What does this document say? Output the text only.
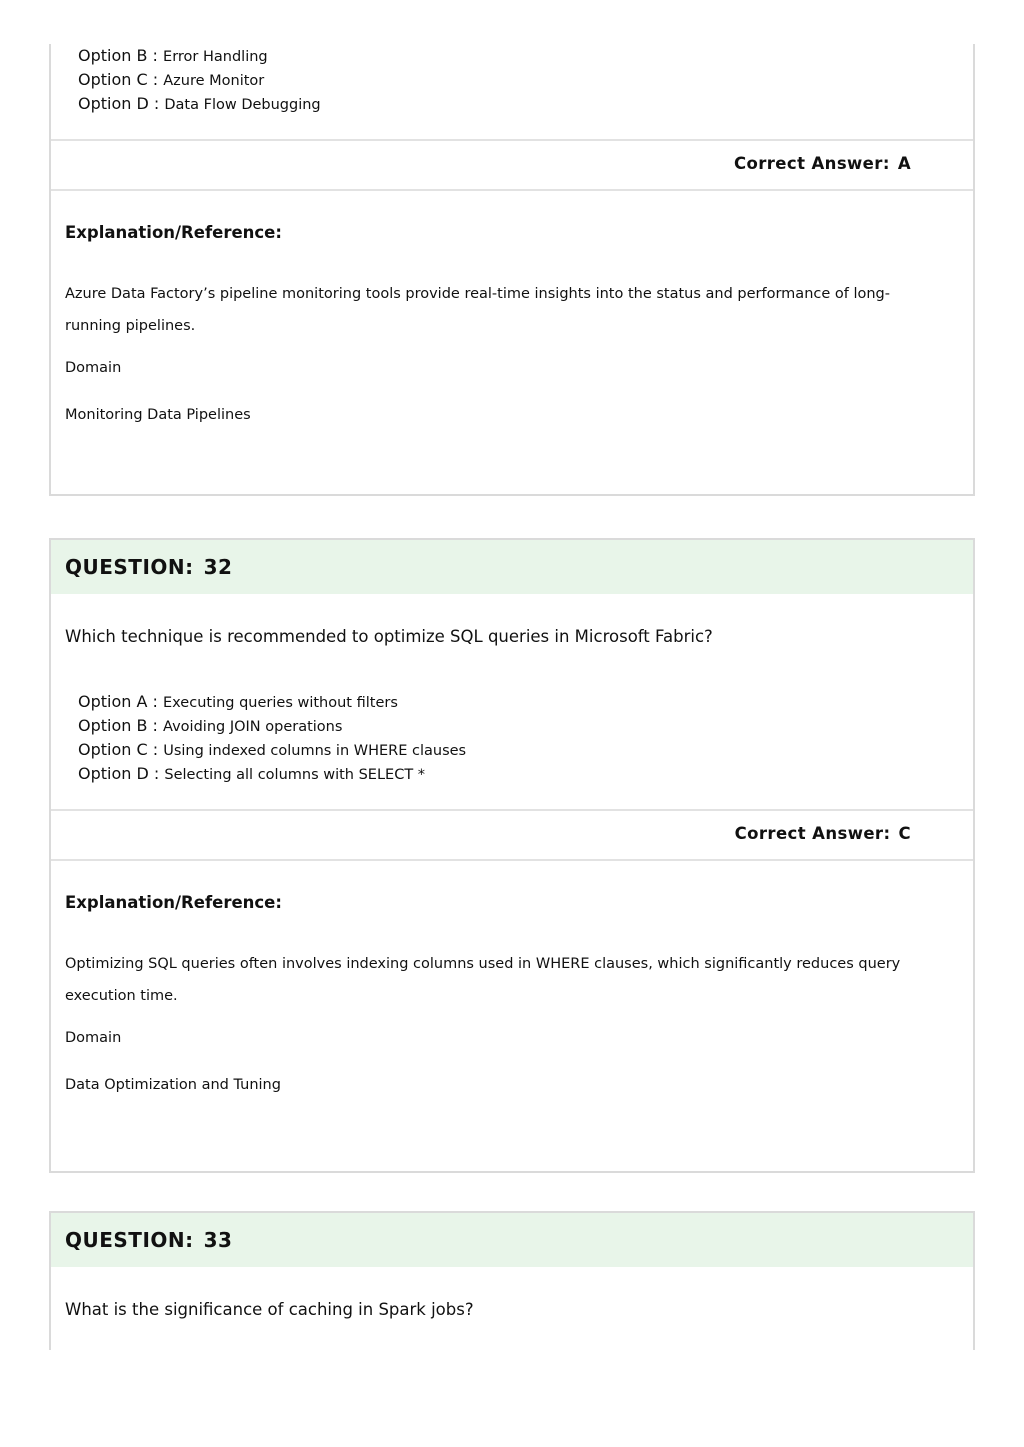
Option B : Error Handling
Option C : Azure Monitor
Option D : Data Flow Debugging
Correct Answer: A
Explanation/Reference:
Azure Data Factory’s pipeline monitoring tools provide real-time insights into the status and performance of long-running pipelines.
Domain
Monitoring Data Pipelines
QUESTION: 32
Which technique is recommended to optimize SQL queries in Microsoft Fabric?
Option A : Executing queries without filters
Option B : Avoiding JOIN operations
Option C : Using indexed columns in WHERE clauses
Option D : Selecting all columns with SELECT *
Correct Answer: C
Explanation/Reference:
Optimizing SQL queries often involves indexing columns used in WHERE clauses, which significantly reduces query execution time.
Domain
Data Optimization and Tuning
QUESTION: 33
What is the significance of caching in Spark jobs?
